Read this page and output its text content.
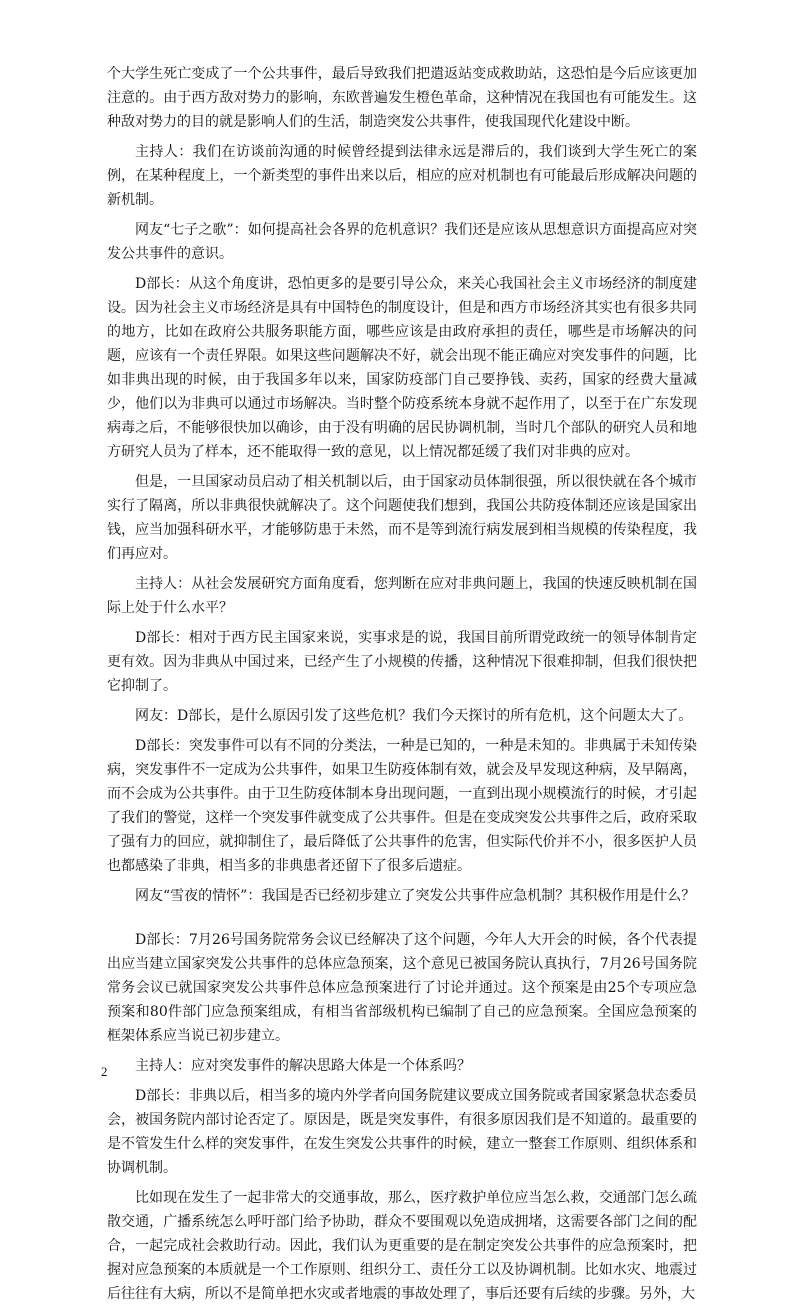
个大学生死亡变成了一个公共事件，最后导致我们把遣返站变成救助站，这恐怕是今后应该更加注意的。由于西方敌对势力的影响，东欧普遍发生橙色革命，这种情况在我国也有可能发生。这种敌对势力的目的就是影响人们的生活，制造突发公共事件，使我国现代化建设中断。

主持人：我们在访谈前沟通的时候曾经提到法律永远是滞后的，我们谈到大学生死亡的案例，在某种程度上，一个新类型的事件出来以后，相应的应对机制也有可能最后形成解决问题的新机制。

网友“七子之歌”：如何提高社会各界的危机意识？我们还是应该从思想意识方面提高应对突发公共事件的意识。

D部长：从这个角度讲，恐怕更多的是要引导公众，来关心我国社会主义市场经济的制度建设。因为社会主义市场经济是具有中国特色的制度设计，但是和西方市场经济其实也有很多共同的地方，比如在政府公共服务职能方面，哪些应该是由政府承担的责任，哪些是市场解决的问题，应该有一个责任界限。如果这些问题解决不好，就会出现不能正确应对突发事件的问题，比如非典出现的时候，由于我国多年以来，国家防疫部门自己要挣钱、卖药，国家的经费大量减少，他们以为非典可以通过市场解决。当时整个防疫系统本身就不起作用了，以至于在广东发现病毒之后，不能够很快加以确诊，由于没有明确的居民协调机制，当时几个部队的研究人员和地方研究人员为了样本，还不能取得一致的意见，以上情况都延缓了我们对非典的应对。

但是，一旦国家动员启动了相关机制以后，由于国家动员体制很强，所以很快就在各个城市实行了隔离，所以非典很快就解决了。这个问题使我们想到，我国公共防疫体制还应该是国家出钱，应当加强科研水平，才能够防患于未然，而不是等到流行病发展到相当规模的传染程度，我们再应对。

主持人：从社会发展研究方面角度看，您判断在应对非典问题上，我国的快速反映机制在国际上处于什么水平？

D部长：相对于西方民主国家来说，实事求是的说，我国目前所谓党政统一的领导体制肯定更有效。因为非典从中国过来，已经产生了小规模的传播，这种情况下很难抑制，但我们很快把它抑制了。

网友：D部长，是什么原因引发了这些危机？我们今天探讨的所有危机，这个问题太大了。

D部长：突发事件可以有不同的分类法，一种是已知的，一种是未知的。非典属于未知传染病，突发事件不一定成为公共事件，如果卫生防疫体制有效，就会及早发现这种病，及早隔离，而不会成为公共事件。由于卫生防疫体制本身出现问题，一直到出现小规模流行的时候，才引起了我们的警觉，这样一个突发事件就变成了公共事件。但是在变成突发公共事件之后，政府采取了强有力的回应，就抑制住了，最后降低了公共事件的危害，但实际代价并不小，很多医护人员也都感染了非典，相当多的非典患者还留下了很多后遗症。

网友“雪夜的情怀”：我国是否已经初步建立了突发公共事件应急机制？其积极作用是什么？

D部长：7月26号国务院常务会议已经解决了这个问题，今年人大开会的时候，各个代表提出应当建立国家突发公共事件的总体应急预案，这个意见已被国务院认真执行，7月26号国务院常务会议已就国家突发公共事件总体应急预案进行了讨论并通过。这个预案是由25个专项应急预案和80件部门应急预案组成，有相当省部级机构已编制了自己的应急预案。全国应急预案的框架体系应当说已初步建立。

主持人：应对突发事件的解决思路大体是一个体系吗？

D部长：非典以后，相当多的境内外学者向国务院建议要成立国务院或者国家紧急状态委员会，被国务院内部讨论否定了。原因是，既是突发事件，有很多原因我们是不知道的。最重要的是不管发生什么样的突发事件，在发生突发公共事件的时候，建立一整套工作原则、组织体系和协调机制。

比如现在发生了一起非常大的交通事故，那么，医疗救护单位应当怎么救，交通部门怎么疏散交通，广播系统怎么呼吁部门给予协助，群众不要围观以免造成拥堵，这需要各部门之间的配合，一起完成社会救助行动。因此，我们认为更重要的是在制定突发公共事件的应急预案时，把握对应急预案的本质就是一个工作原则、组织分工、责任分工以及协调机制。比如水灾、地震过后往往有大病，所以不是简单把水灾或者地震的事故处理了，事后还要有后续的步骤。另外，大

2
